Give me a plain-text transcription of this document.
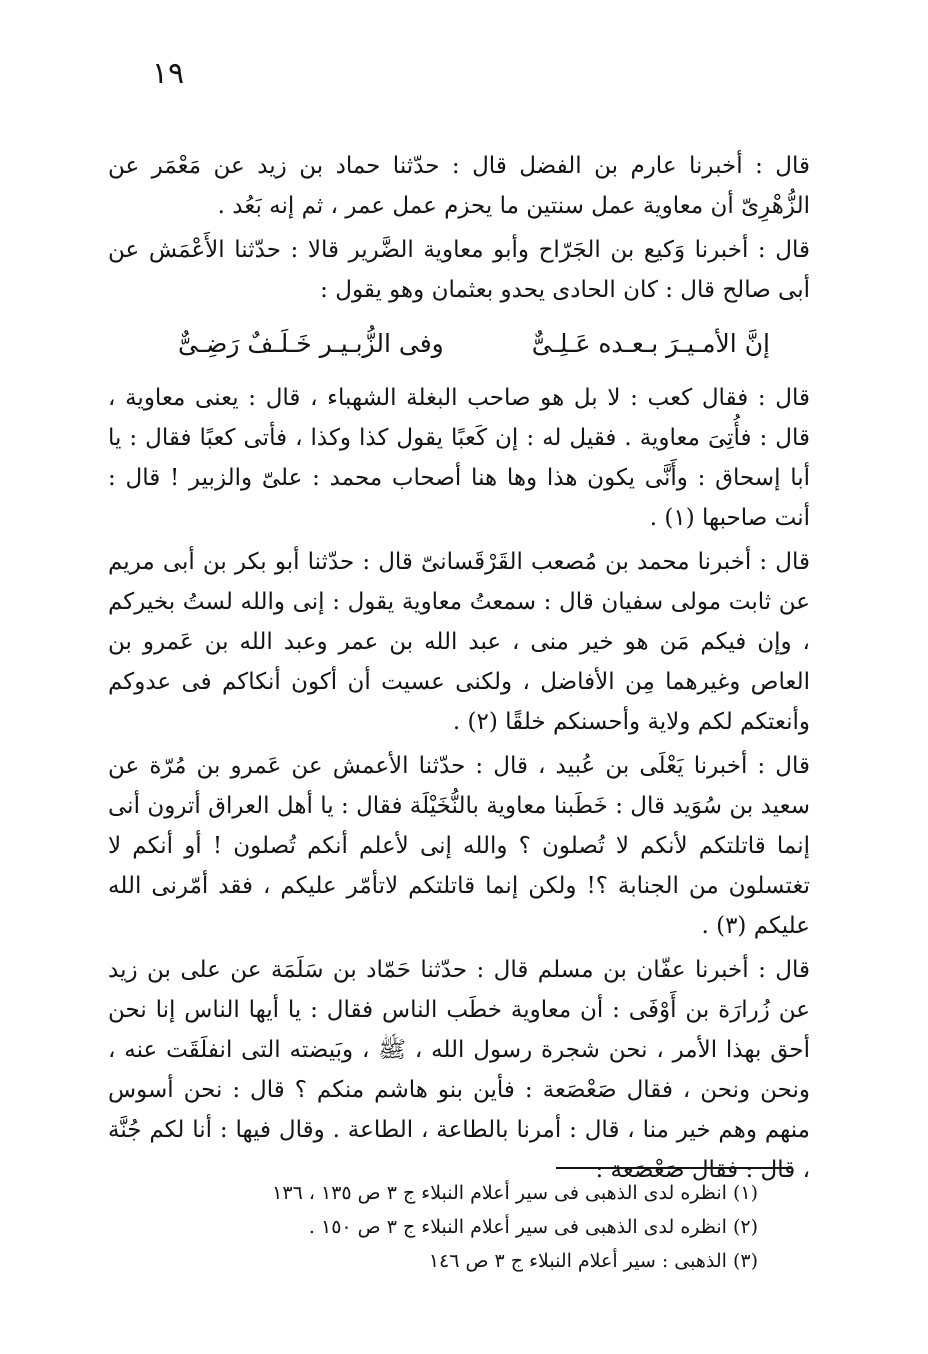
١٩

قال : أخبرنا عارم بن الفضل قال : حدّثنا حماد بن زيد عن مَعْمَر عن الزُّهْرِىّ أن معاوية عمل سنتين ما يحزم عمل عمر ، ثم إنه بَعُد .

قال : أخبرنا وَكيع بن الجَرّاح وأبو معاوية الضَّرير قالا : حدّثنا الأَعْمَش عن أبى صالح قال : كان الحادى يحدو بعثمان وهو يقول :

إنَّ الأمـيـرَ بـعـده عَـلِـىٌّ
وفى الزُّبـيـر خَـلَـفٌ رَضِـىٌّ

قال : فقال كعب : لا بل هو صاحب البغلة الشهباء ، قال : يعنى معاوية ، قال : فأُتِىَ معاوية . فقيل له : إن كَعبًا يقول كذا وكذا ، فأتى كعبًا فقال : يا أبا إسحاق : وأَنَّى يكون هذا وها هنا أصحاب محمد : علىّ والزبير ! قال : أنت صاحبها (١) .

قال : أخبرنا محمد بن مُصعب القَرْقَسانىّ قال : حدّثنا أبو بكر بن أبى مريم عن ثابت مولى سفيان قال : سمعتُ معاوية يقول : إنى والله لستُ بخيركم ، وإن فيكم مَن هو خير منى ، عبد الله بن عمر وعبد الله بن عَمرو بن العاص وغيرهما مِن الأفاضل ، ولكنى عسيت أن أكون أنكاكم فى عدوكم وأنعتكم لكم ولاية وأحسنكم خلقًا (٢) .

قال : أخبرنا يَعْلَى بن عُبيد ، قال : حدّثنا الأعمش عن عَمرو بن مُرّة عن سعيد بن سُوَيد قال : خَطَبنا معاوية بالنُّخَيْلَة فقال : يا أهل العراق أترون أنى إنما قاتلتكم لأنكم لا تُصلون ؟ والله إنى لأعلم أنكم تُصلون ! أو أنكم لا تغتسلون من الجنابة ؟! ولكن إنما قاتلتكم لاتأمّر عليكم ، فقد أمّرنى الله عليكم (٣) .

قال : أخبرنا عفّان بن مسلم قال : حدّثنا حَمّاد بن سَلَمَة عن على بن زيد عن زُرارَة بن أَوْفَى : أن معاوية خطَب الناس فقال : يا أيها الناس إنا نحن أحق بهذا الأمر ، نحن شجرة رسول الله ، ﷺ ، وبَيضته التى انفلَقَت عنه ، ونحن ونحن ، فقال صَعْصَعة : فأين بنو هاشم منكم ؟ قال : نحن أسوس منهم وهم خير منا ، قال : أمرنا بالطاعة ، الطاعة . وقال فيها : أنا لكم جُنَّة ، قال : فقال صَعْصَعة :

(١)انظره لدى الذهبى فى سير أعلام النبلاء ج ٣ ص ١٣٥ ، ١٣٦
(٢)انظره لدى الذهبى فى سير أعلام النبلاء ج ٣ ص ١٥٠ .
(٣)الذهبى : سير أعلام النبلاء ج ٣ ص ١٤٦
